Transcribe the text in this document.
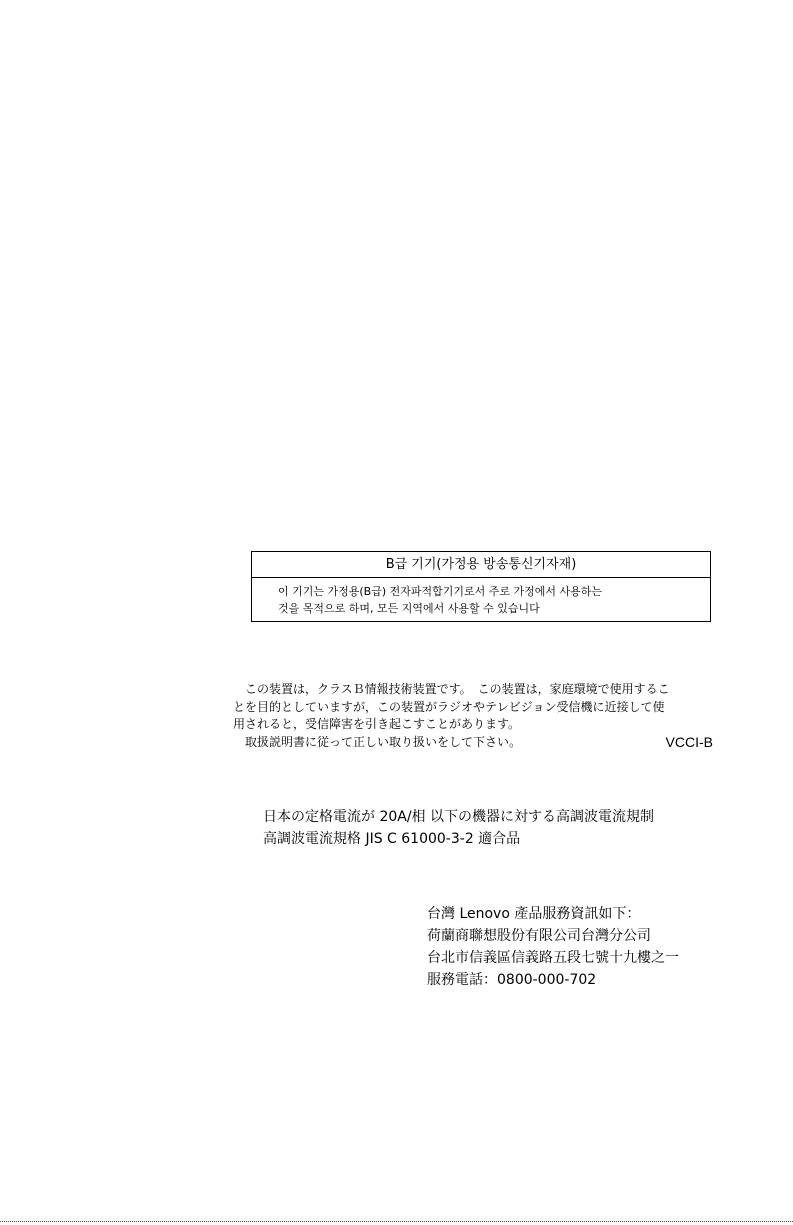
B급 기기(가정용 방송통신기자재)
이 기기는 가정용(B급) 전자파적합기기로서 주로 가정에서 사용하는
것을 목적으로 하며, 모든 지역에서 사용할 수 있습니다
　この装置は，クラスＢ情報技術装置です。　この装置は，家庭環境で使用するこ
とを目的としていますが，この装置がラジオやテレビジョン受信機に近接して使
用されると，受信障害を引き起こすことがあります。
　取扱説明書に従って正しい取り扱いをして下さい。	VCCI-B
日本の定格電流が 20A/相 以下の機器に対する高調波電流規制
高調波電流規格 JIS C 61000-3-2 適合品
台灣 Lenovo 產品服務資訊如下：
荷蘭商聯想股份有限公司台灣分公司
台北市信義區信義路五段七號十九樓之一
服務電話：0800-000-702
